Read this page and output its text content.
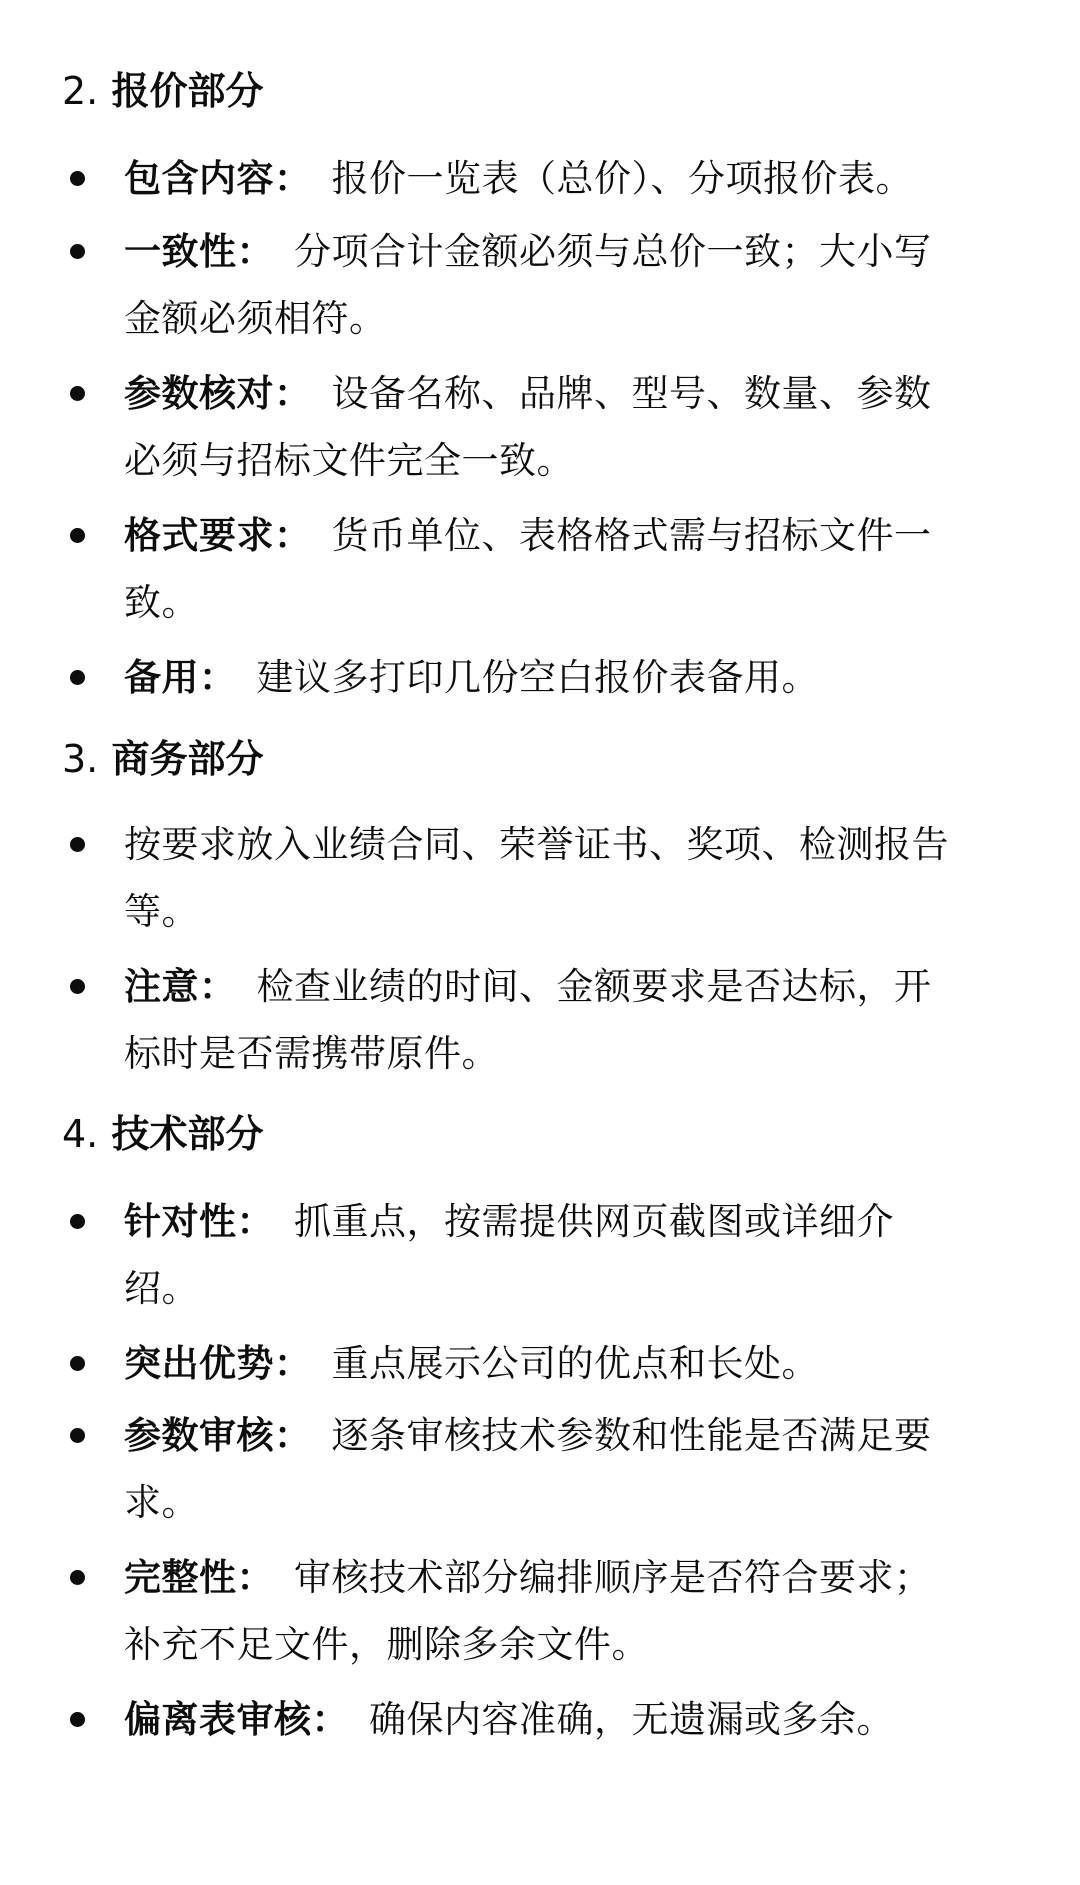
2. 报价部分
包含内容： 报价一览表（总价）、分项报价表。
一致性： 分项合计金额必须与总价一致；大小写
金额必须相符。
参数核对： 设备名称、品牌、型号、数量、参数
必须与招标文件完全一致。
格式要求： 货币单位、表格格式需与招标文件一
致。
备用： 建议多打印几份空白报价表备用。
3. 商务部分
按要求放入业绩合同、荣誉证书、奖项、检测报告
等。
注意： 检查业绩的时间、金额要求是否达标，开
标时是否需携带原件。
4. 技术部分
针对性： 抓重点，按需提供网页截图或详细介
绍。
突出优势： 重点展示公司的优点和长处。
参数审核： 逐条审核技术参数和性能是否满足要
求。
完整性： 审核技术部分编排顺序是否符合要求；
补充不足文件，删除多余文件。
偏离表审核： 确保内容准确，无遗漏或多余。
